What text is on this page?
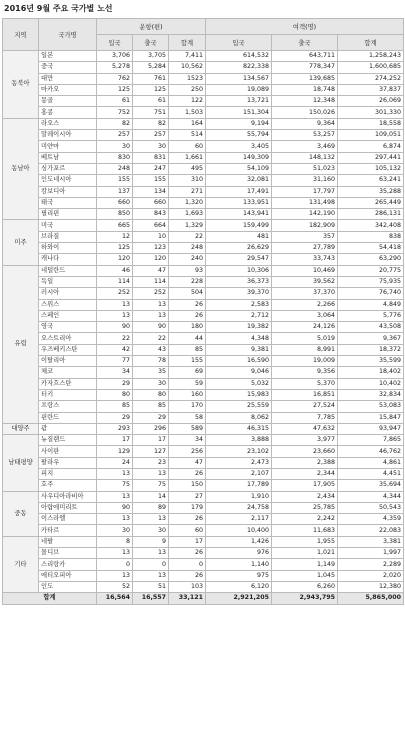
2016년 9월 주요 국가별 노선
지역	국가명	운항(편)			여객(명)		
		입국	출국	합계	입국	출국	합계
동북아	일본	3,706	3,705	7,411	614,532	643,711	1,258,243
	중국	5,278	5,284	10,562	822,338	778,347	1,600,685
	대만	762	761	1523	134,567	139,685	274,252
	마카오	125	125	250	19,089	18,748	37,837
	몽골	61	61	122	13,721	12,348	26,069
	홍콩	752	751	1,503	151,304	150,026	301,330
동남아	라오스	82	82	164	9,194	9,364	18,558
	말레이시아	257	257	514	55,794	53,257	109,051
	미얀마	30	30	60	3,405	3,469	6,874
	베트남	830	831	1,661	149,309	148,132	297,441
	싱가포르	248	247	495	54,109	51,023	105,132
	인도네시아	155	155	310	32,081	31,160	63,241
	캄보디아	137	134	271	17,491	17,797	35,288
	태국	660	660	1,320	133,951	131,498	265,449
	필리핀	850	843	1,693	143,941	142,190	286,131
미주	미국	665	664	1,329	159,499	182,909	342,408
	브라질	12	10	22	481	357	838
	하와이	125	123	248	26,629	27,789	54,418
	캐나다	120	120	240	29,547	33,743	63,290
유럽	네덜란드	46	47	93	10,306	10,469	20,775
	독일	114	114	228	36,373	39,562	75,935
	러시아	252	252	504	39,370	37,370	76,740
	스위스	13	13	26	2,583	2,266	4,849
	스페인	13	13	26	2,712	3,064	5,776
	영국	90	90	180	19,382	24,126	43,508
	오스트리아	22	22	44	4,348	5,019	9,367
	우즈베키스탄	42	43	85	9,381	8,991	18,372
	이탈리아	77	78	155	16,590	19,009	35,599
	체코	34	35	69	9,046	9,356	18,402
	카자흐스탄	29	30	59	5,032	5,370	10,402
	터키	80	80	160	15,983	16,851	32,834
	프랑스	85	85	170	25,559	27,524	53,083
	핀란드	29	29	58	8,062	7,785	15,847
대양주	괌	293	296	589	46,315	47,632	93,947
남태평양	뉴질랜드	17	17	34	3,888	3,977	7,865
	사이판	129	127	256	23,102	23,660	46,762
	팔라우	24	23	47	2,473	2,388	4,861
	피지	13	13	26	2,107	2,344	4,451
	호주	75	75	150	17,789	17,905	35,694
중동	사우디아라비아	13	14	27	1,910	2,434	4,344
	아랍에미리트	90	89	179	24,758	25,785	50,543
	이스라엘	13	13	26	2,117	2,242	4,359
	카타르	30	30	60	10,400	11,683	22,083
기타	네팔	8	9	17	1,426	1,955	3,381
	몰디브	13	13	26	976	1,021	1,997
	스리랑카	0	0	0	1,140	1,149	2,289
	에티오피아	13	13	26	975	1,045	2,020
	인도	52	51	103	6,120	6,260	12,380
합계		16,564	16,557	33,121	2,921,205	2,943,795	5,865,000
